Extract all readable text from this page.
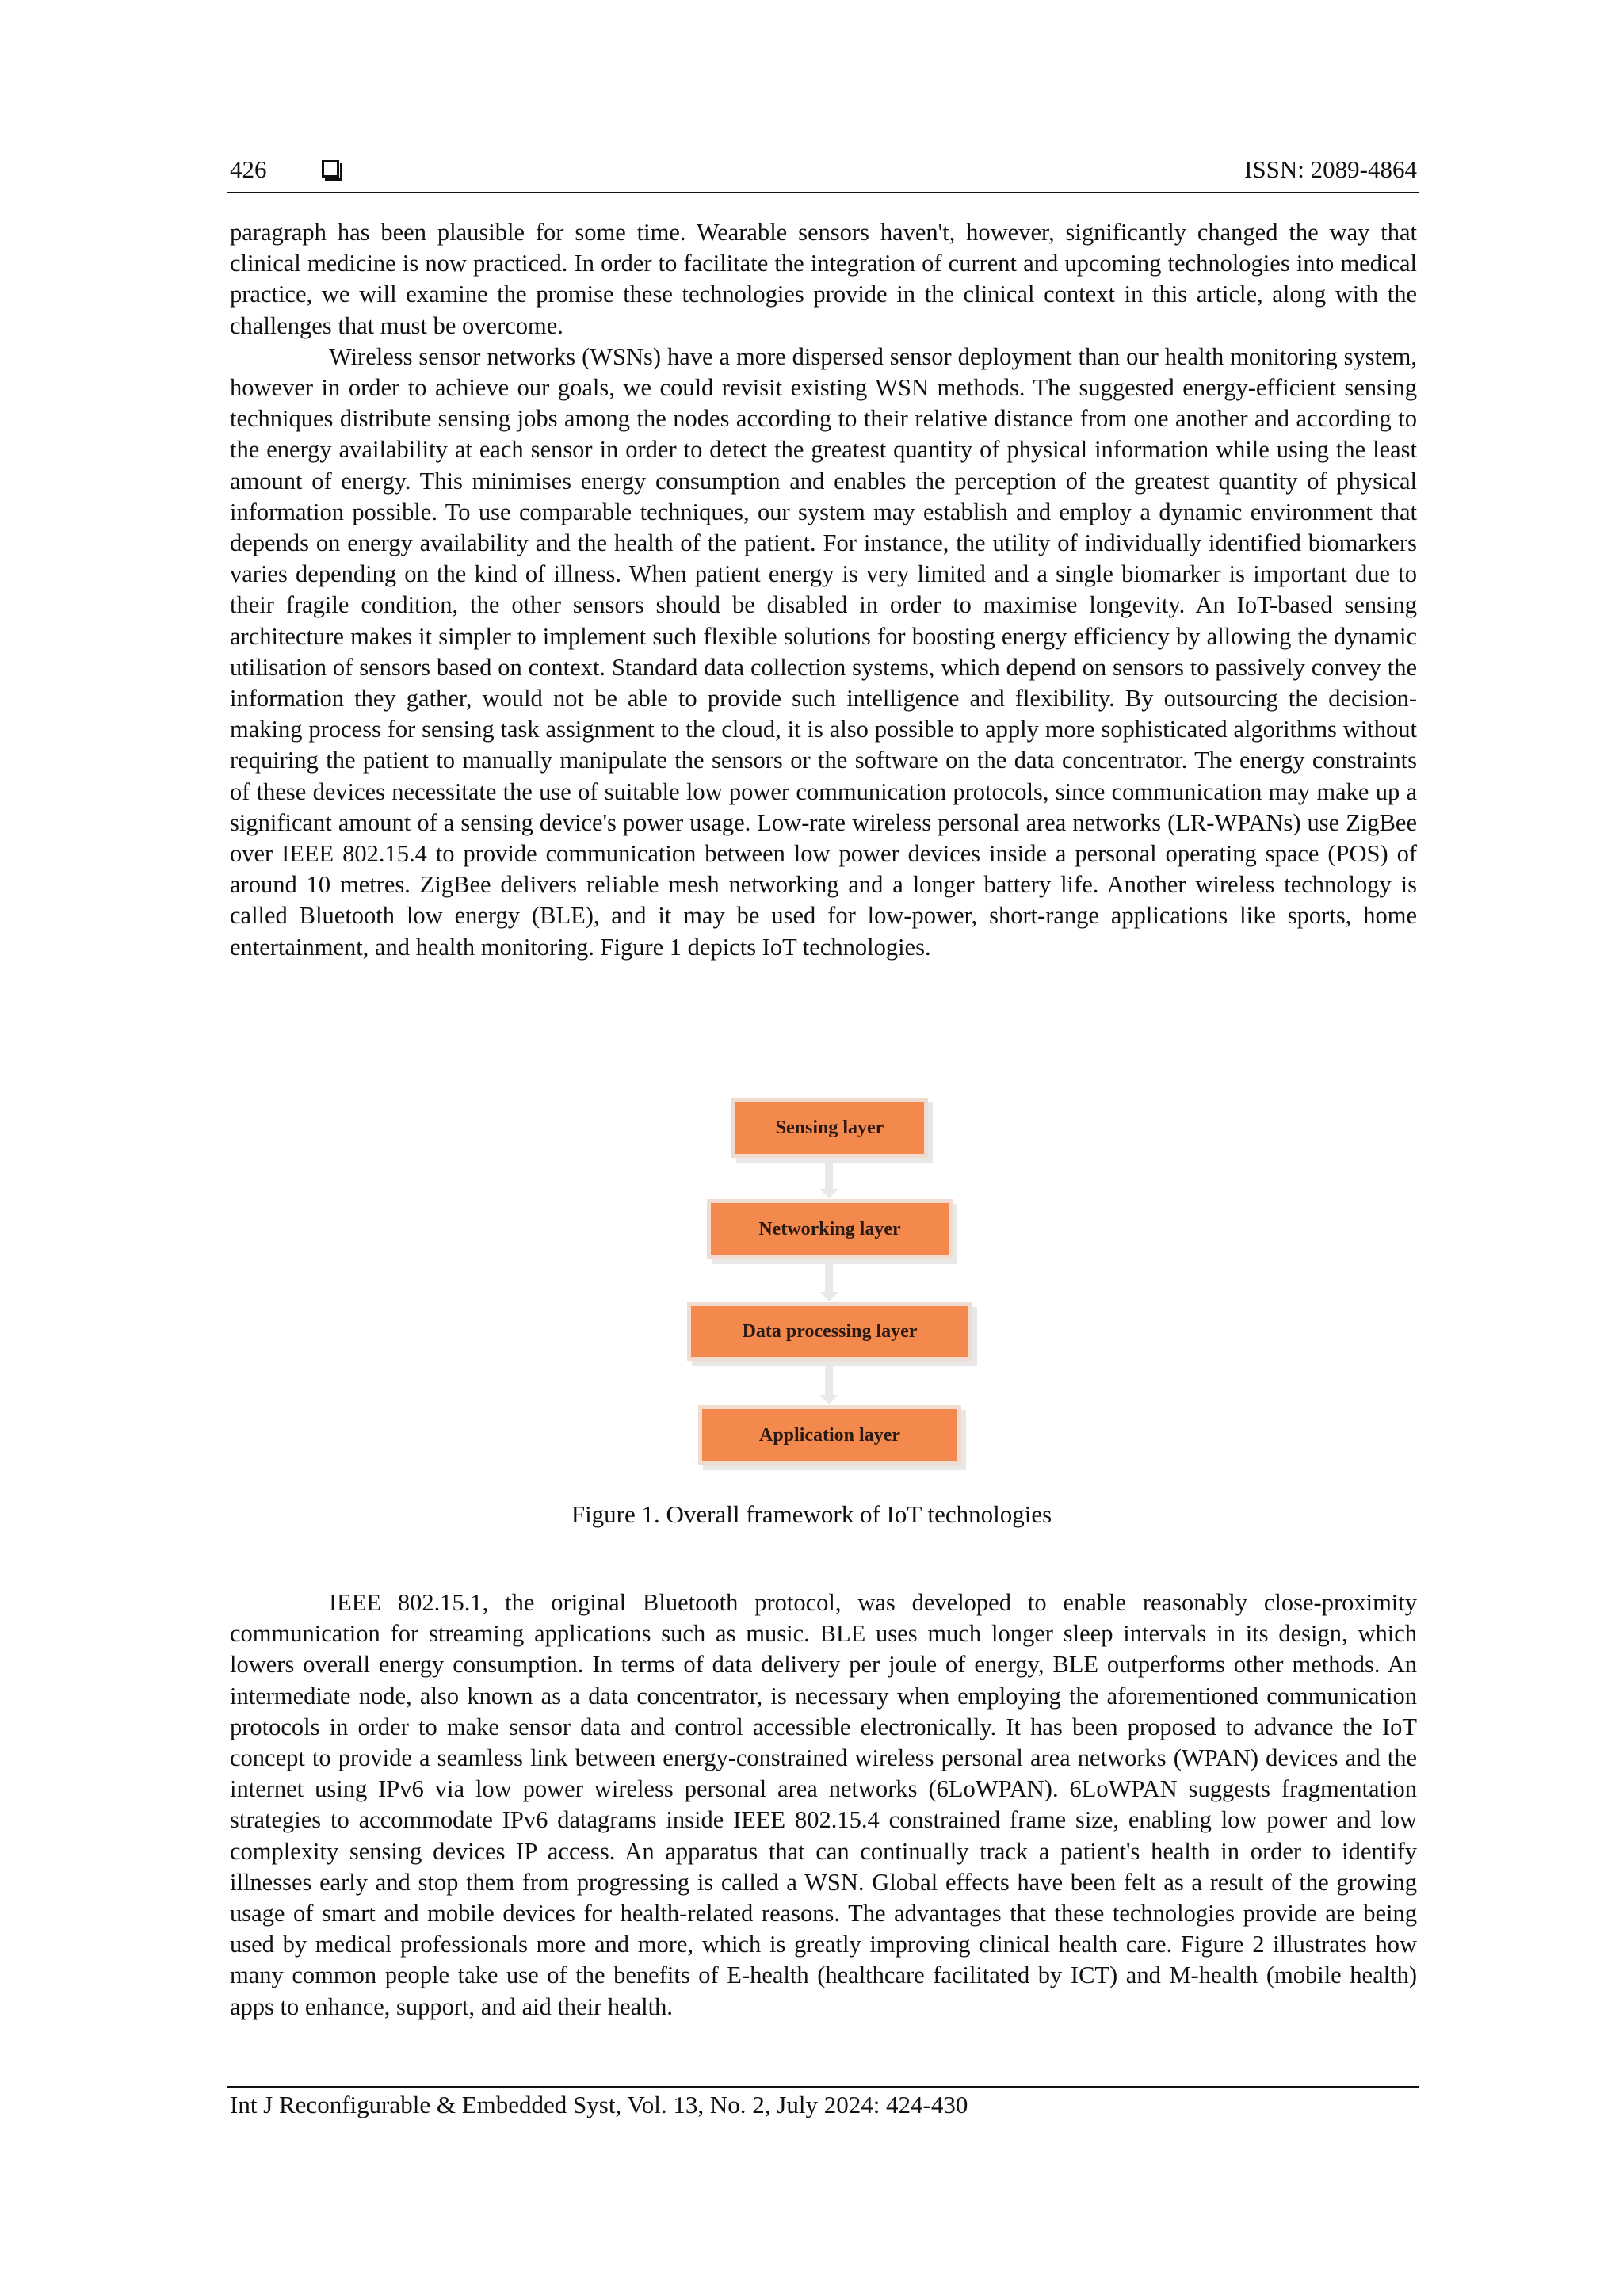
426	ISSN: 2089-4864

paragraph has been plausible for some time. Wearable sensors haven't, however, significantly changed the way that clinical medicine is now practiced. In order to facilitate the integration of current and upcoming technologies into medical practice, we will examine the promise these technologies provide in the clinical context in this article, along with the challenges that must be overcome.

Wireless sensor networks (WSNs) have a more dispersed sensor deployment than our health monitoring system, however in order to achieve our goals, we could revisit existing WSN methods. The suggested energy-efficient sensing techniques distribute sensing jobs among the nodes according to their relative distance from one another and according to the energy availability at each sensor in order to detect the greatest quantity of physical information while using the least amount of energy. This minimises energy consumption and enables the perception of the greatest quantity of physical information possible. To use comparable techniques, our system may establish and employ a dynamic environment that depends on energy availability and the health of the patient. For instance, the utility of individually identified biomarkers varies depending on the kind of illness. When patient energy is very limited and a single biomarker is important due to their fragile condition, the other sensors should be disabled in order to maximise longevity. An IoT-based sensing architecture makes it simpler to implement such flexible solutions for boosting energy efficiency by allowing the dynamic utilisation of sensors based on context. Standard data collection systems, which depend on sensors to passively convey the information they gather, would not be able to provide such intelligence and flexibility. By outsourcing the decision-making process for sensing task assignment to the cloud, it is also possible to apply more sophisticated algorithms without requiring the patient to manually manipulate the sensors or the software on the data concentrator. The energy constraints of these devices necessitate the use of suitable low power communication protocols, since communication may make up a significant amount of a sensing device's power usage. Low-rate wireless personal area networks (LR-WPANs) use ZigBee over IEEE 802.15.4 to provide communication between low power devices inside a personal operating space (POS) of around 10 metres. ZigBee delivers reliable mesh networking and a longer battery life. Another wireless technology is called Bluetooth low energy (BLE), and it may be used for low-power, short-range applications like sports, home entertainment, and health monitoring. Figure 1 depicts IoT technologies.

Sensing layer
Networking layer
Data processing layer
Application layer
Figure 1. Overall framework of IoT technologies

IEEE 802.15.1, the original Bluetooth protocol, was developed to enable reasonably close-proximity communication for streaming applications such as music. BLE uses much longer sleep intervals in its design, which lowers overall energy consumption. In terms of data delivery per joule of energy, BLE outperforms other methods. An intermediate node, also known as a data concentrator, is necessary when employing the aforementioned communication protocols in order to make sensor data and control accessible electronically. It has been proposed to advance the IoT concept to provide a seamless link between energy-constrained wireless personal area networks (WPAN) devices and the internet using IPv6 via low power wireless personal area networks (6LoWPAN). 6LoWPAN suggests fragmentation strategies to accommodate IPv6 datagrams inside IEEE 802.15.4 constrained frame size, enabling low power and low complexity sensing devices IP access. An apparatus that can continually track a patient's health in order to identify illnesses early and stop them from progressing is called a WSN. Global effects have been felt as a result of the growing usage of smart and mobile devices for health-related reasons. The advantages that these technologies provide are being used by medical professionals more and more, which is greatly improving clinical health care. Figure 2 illustrates how many common people take use of the benefits of E-health (healthcare facilitated by ICT) and M-health (mobile health) apps to enhance, support, and aid their health.

Int J Reconfigurable & Embedded Syst, Vol. 13, No. 2, July 2024: 424-430
